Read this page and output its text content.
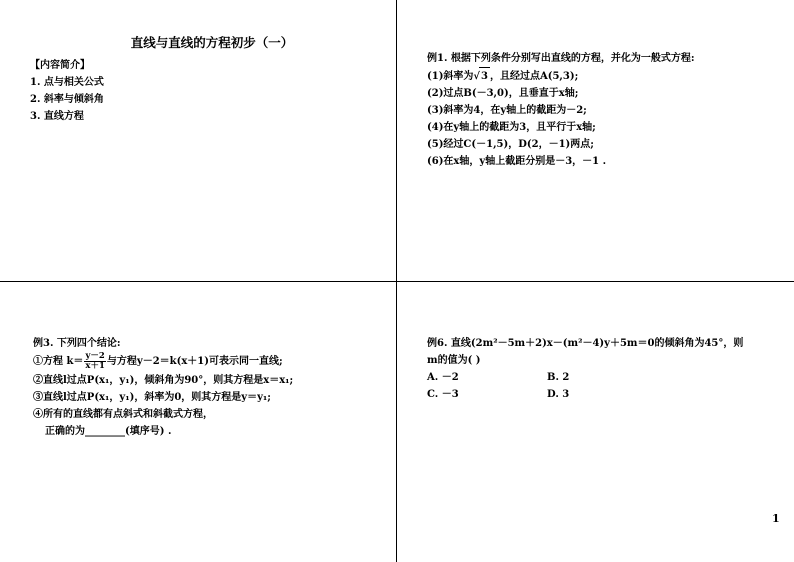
直线与直线的方程初步（一）
【内容简介】
1. 点与相关公式
2. 斜率与倾斜角
3. 直线方程
例1. 根据下列条件分别写出直线的方程，并化为一般式方程:
(1)斜率为√3 ，且经过点A(5,3);
(2)过点B(－3,0)，且垂直于x轴;
(3)斜率为4，在y轴上的截距为－2;
(4)在y轴上的截距为3，且平行于x轴;
(5)经过C(－1,5)，D(2，－1)两点;
(6)在x轴，y轴上截距分别是－3，－1 .
例3. 下列四个结论:
①方程 $k= \frac{y-2}{x+1}$ 与方程y－2＝k(x＋1)可表示同一直线;
②直线l过点P(x₁，y₁)，倾斜角为90°，则其方程是x＝x₁;
③直线l过点P(x₁，y₁)，斜率为0，则其方程是y＝y₁;
④所有的直线都有点斜式和斜截式方程，
正确的为________(填序号) .
例6. 直线(2m²－5m＋2)x－(m²－4)y＋5m＝0的倾斜角为45°，则
m的值为( )
A. －2	B. 2
C. －3	D. 3
1
